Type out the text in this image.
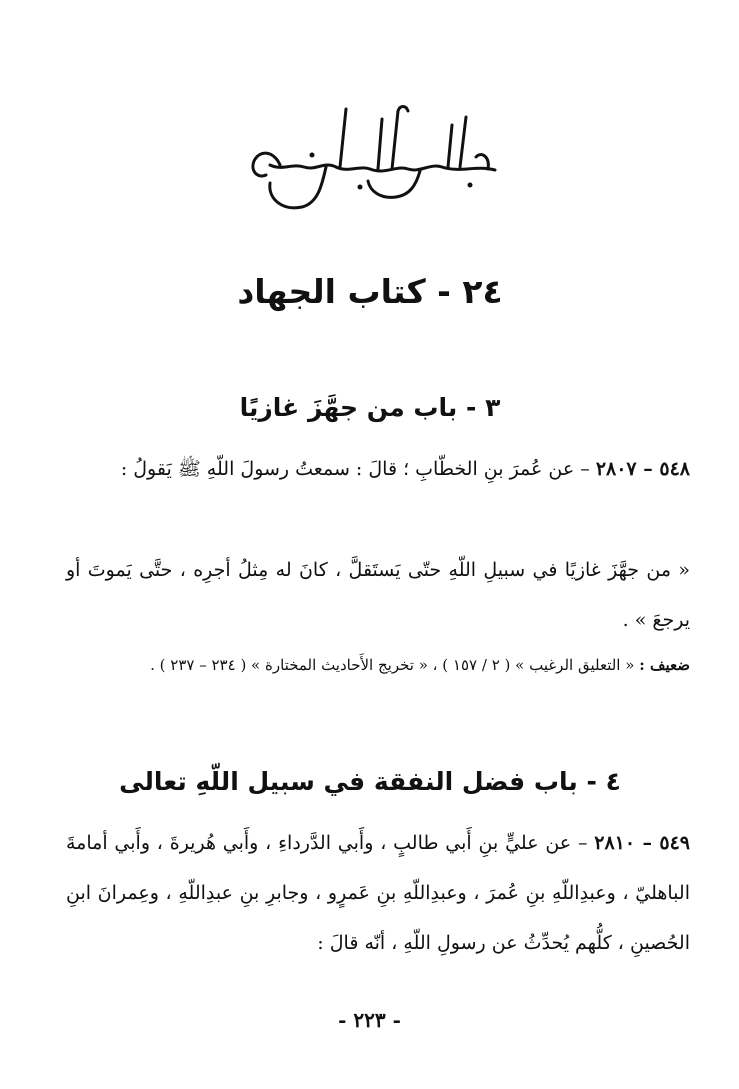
٢٤ - كتاب الجهاد
٣ - باب من جهَّزَ غازيًا
٥٤٨ – ٢٨٠٧ – عن عُمرَ بنِ الخطّابِ ؛ قالَ : سمعتُ رسولَ اللّهِ ﷺ يَقولُ :
« من جهَّزَ غازيًا في سبيلِ اللّهِ حتّى يَستَقلَّ ، كانَ له مِثلُ أجرِه ، حتَّى يَموتَ أو يرجعَ » .
ضعيف : « التعليق الرغيب » ( ٢ / ١٥٧ ) ، « تخريج الأَحاديث المختارة » ( ٢٣٤ – ٢٣٧ ) .
٤ - باب فضل النفقة في سبيل اللّهِ تعالى
٥٤٩ – ٢٨١٠ – عن عليٍّ بنِ أَبي طالبٍ ، وأَبي الدَّرداءِ ، وأَبي هُريرةَ ، وأَبي أمامةَ الباهليّ ، وعبدِاللّهِ بنِ عُمرَ ، وعبدِاللّهِ بنِ عَمرٍو ، وجابرِ بنِ عبدِاللّهِ ، وعِمرانَ ابنِ الحُصينِ ، كلُّهم يُحدِّثُ عن رسولِ اللّهِ ، أنّه قالَ :
- ٢٢٣ -
